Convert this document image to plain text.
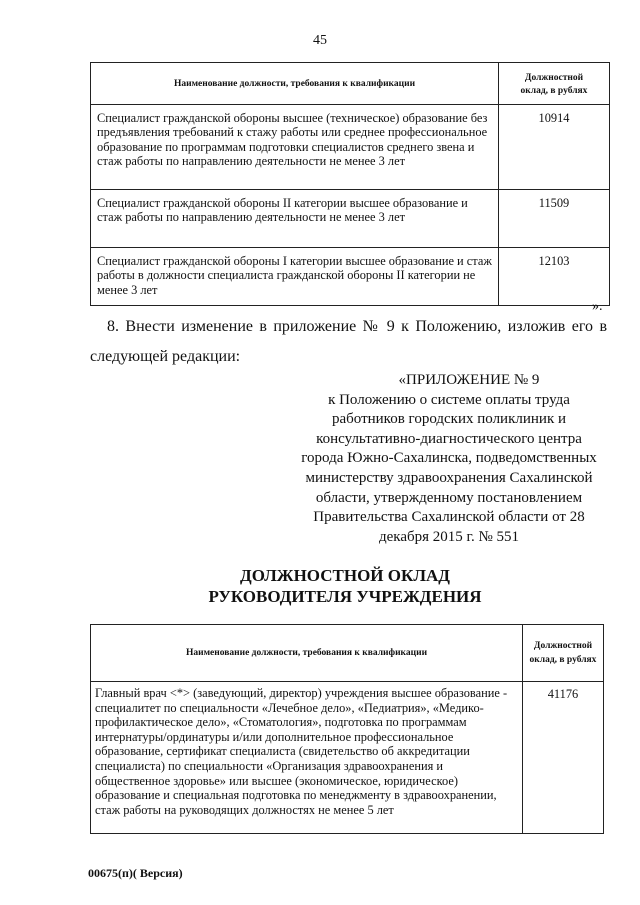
45
Наименование должности, требования к квалификации	Должностной оклад, в рублях
Специалист гражданской обороны высшее (техническое) образование без предъявления требований к стажу работы или среднее профессиональное образование по программам подготовки специалистов среднего звена и стаж работы по направлению деятельности не менее 3 лет	10914
Специалист гражданской обороны II категории высшее образование и стаж работы по направлению деятельности не менее 3 лет	11509
Специалист гражданской обороны I категории высшее образование и стаж работы в должности специалиста гражданской обороны II категории не менее 3 лет	12103
».
8. Внести изменение в приложение № 9 к Положению, изложив его в
следующей редакции:
«ПРИЛОЖЕНИЕ № 9
к Положению о системе оплаты труда работников городских поликлиник и консультативно-диагностического центра города Южно-Сахалинска, подведомственных министерству здравоохранения Сахалинской области, утвержденному постановлением Правительства Сахалинской области от 28 декабря 2015 г. № 551
ДОЛЖНОСТНОЙ ОКЛАД
РУКОВОДИТЕЛЯ УЧРЕЖДЕНИЯ
Наименование должности, требования к квалификации	Должностной оклад, в рублях
Главный врач <*> (заведующий, директор) учреждения высшее образование - специалитет по специальности «Лечебное дело», «Педиатрия», «Медико-профилактическое дело», «Стоматология», подготовка по программам интернатуры/ординатуры и/или дополнительное профессиональное образование, сертификат специалиста (свидетельство об аккредитации специалиста) по специальности «Организация здравоохранения и общественное здоровье» или высшее (экономическое, юридическое) образование и специальная подготовка по менеджменту в здравоохранении, стаж работы на руководящих должностях не менее 5 лет	41176
00675(п)( Версия)
